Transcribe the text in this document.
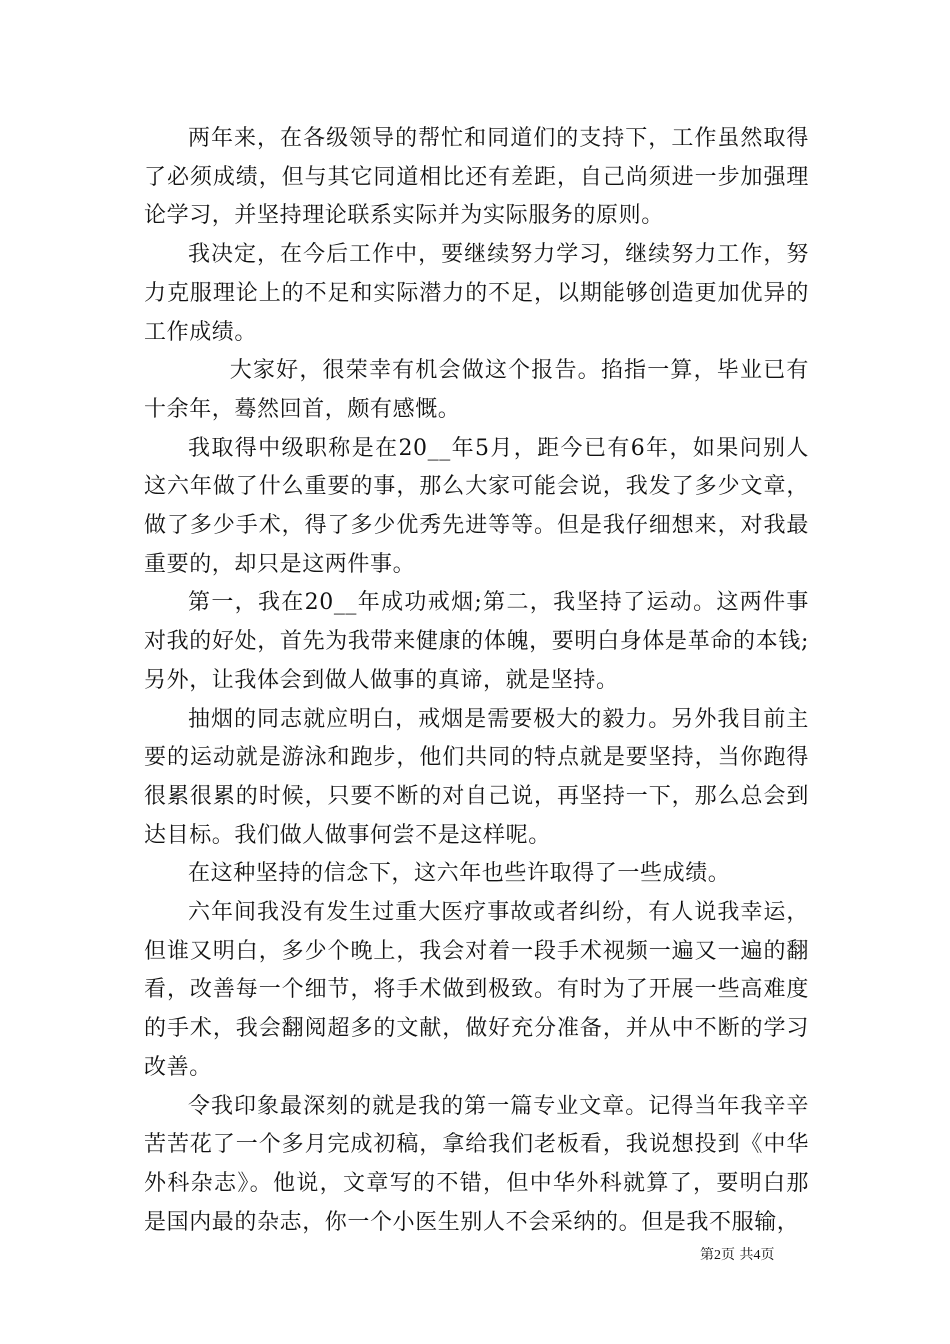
两年来，在各级领导的帮忙和同道们的支持下，工作虽然取得了必须成绩，但与其它同道相比还有差距，自己尚须进一步加强理论学习，并坚持理论联系实际并为实际服务的原则。

我决定，在今后工作中，要继续努力学习，继续努力工作，努力克服理论上的不足和实际潜力的不足，以期能够创造更加优异的工作成绩。

大家好，很荣幸有机会做这个报告。掐指一算，毕业已有十余年，蓦然回首，颇有感慨。

我取得中级职称是在20__年5月，距今已有6年，如果问别人这六年做了什么重要的事，那么大家可能会说，我发了多少文章，做了多少手术，得了多少优秀先进等等。但是我仔细想来，对我最重要的，却只是这两件事。

第一，我在20__年成功戒烟;第二，我坚持了运动。这两件事对我的好处，首先为我带来健康的体魄，要明白身体是革命的本钱;另外，让我体会到做人做事的真谛，就是坚持。

抽烟的同志就应明白，戒烟是需要极大的毅力。另外我目前主要的运动就是游泳和跑步，他们共同的特点就是要坚持，当你跑得很累很累的时候，只要不断的对自己说，再坚持一下，那么总会到达目标。我们做人做事何尝不是这样呢。

在这种坚持的信念下，这六年也些许取得了一些成绩。

六年间我没有发生过重大医疗事故或者纠纷，有人说我幸运，但谁又明白，多少个晚上，我会对着一段手术视频一遍又一遍的翻看，改善每一个细节，将手术做到极致。有时为了开展一些高难度的手术，我会翻阅超多的文献，做好充分准备，并从中不断的学习改善。

令我印象最深刻的就是我的第一篇专业文章。记得当年我辛辛苦苦花了一个多月完成初稿，拿给我们老板看，我说想投到《中华外科杂志》。他说，文章写的不错，但中华外科就算了，要明白那是国内最的杂志，你一个小医生别人不会采纳的。但是我不服输，

第2页 共4页
